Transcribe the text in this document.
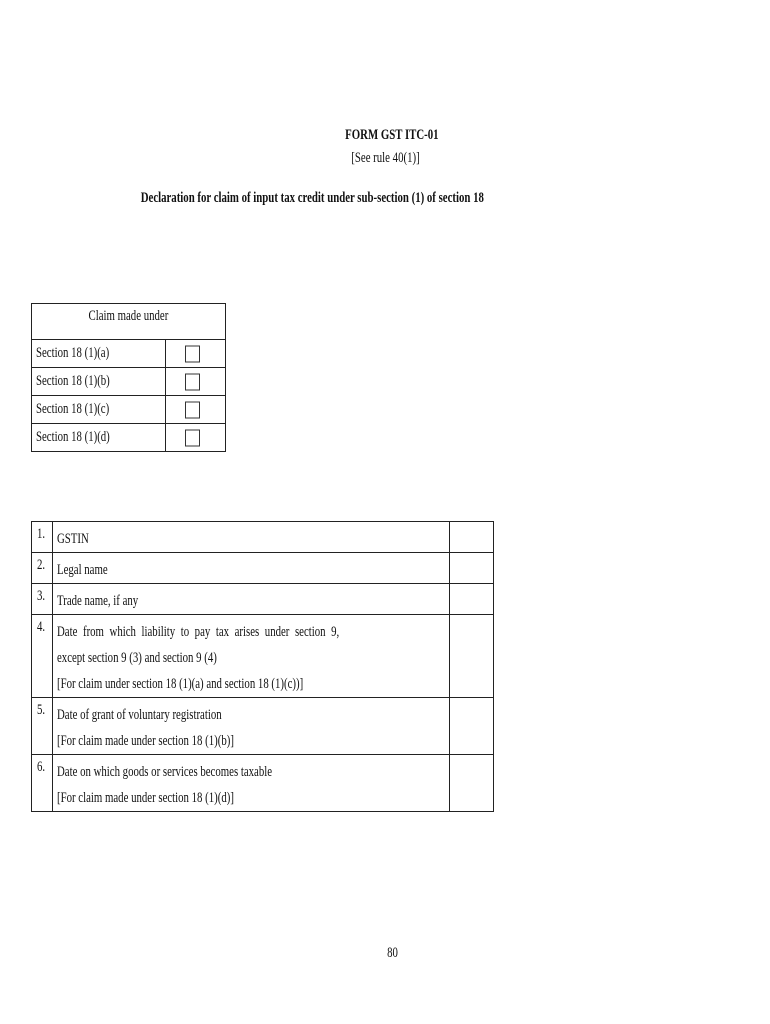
FORM GST ITC-01
[See rule 40(1)]
Declaration for claim of input tax credit under sub-section (1) of section 18
Claim made under	
Section 18 (1)(a)	

Section 18 (1)(b)	

Section 18 (1)(c)	

Section 18 (1)(d)	
1.	GSTIN	
2.	Legal name	
3.	Trade name, if any	
4.	Date from which liability to pay tax arises under section 9,
except section 9 (3) and section 9 (4)
[For claim under section 18 (1)(a) and section 18 (1)(c))]	

5.	Date of grant of voluntary registration
[For claim made under section 18 (1)(b)]	

6.	Date on which goods or services becomes taxable
[For claim made under section 18 (1)(d)]	

80
